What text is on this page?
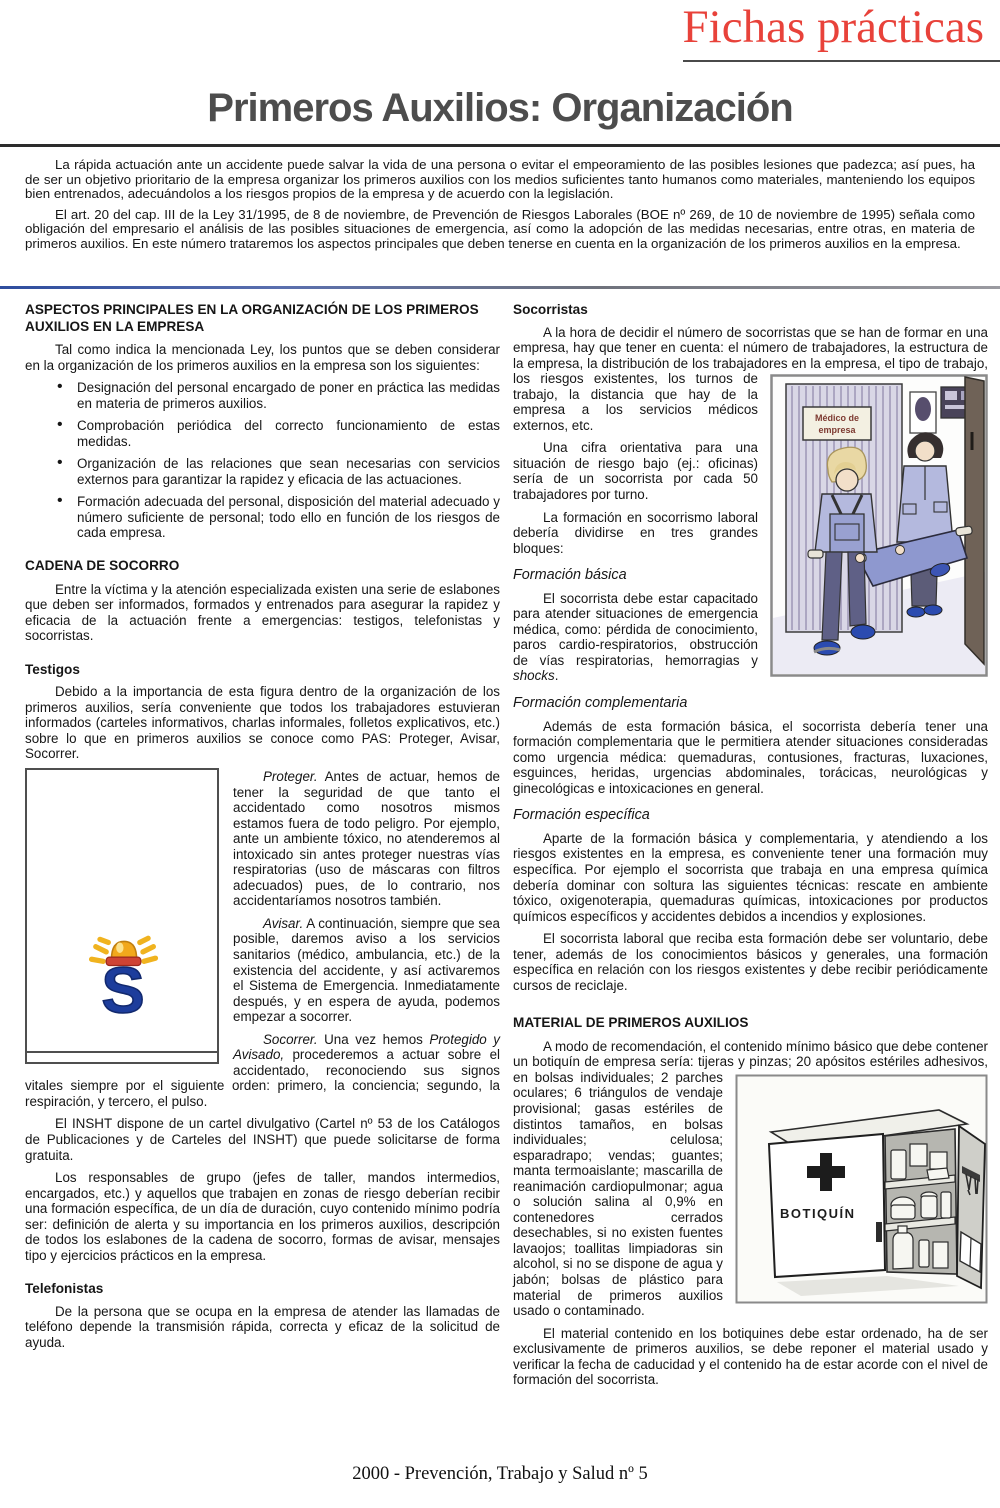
Fichas prácticas
Primeros Auxilios: Organización

La rápida actuación ante un accidente puede salvar la vida de una persona o evitar el empeoramiento de las posibles lesiones que padezca; así pues, ha de ser un objetivo prioritario de la empresa organizar los primeros auxilios con los medios suficientes tanto humanos como materiales, manteniendo los equipos bien entrenados, adecuándolos a los riesgos propios de la empresa y de acuerdo con la legislación.

El art. 20 del cap. III de la Ley 31/1995, de 8 de noviembre, de Prevención de Riesgos Laborales (BOE nº 269, de 10 de noviembre de 1995) señala como obligación del empresario el análisis de las posibles situaciones de emergencia, así como la adopción de las medidas necesarias, entre otras, en materia de primeros auxilios. En este número trataremos los aspectos principales que deben tenerse en cuenta en la organización de los primeros auxilios en la empresa.

ASPECTOS PRINCIPALES EN LA ORGANIZACIÓN DE LOS PRIMEROS AUXILIOS EN LA EMPRESA

Tal como indica la mencionada Ley, los puntos que se deben considerar en la organización de los primeros auxilios en la empresa son los siguientes:

• Designación del personal encargado de poner en práctica las medidas en materia de primeros auxilios.
• Comprobación periódica del correcto funcionamiento de estas medidas.
• Organización de las relaciones que sean necesarias con servicios externos para garantizar la rapidez y eficacia de las actuaciones.
• Formación adecuada del personal, disposición del material adecuado y número suficiente de personal; todo ello en función de los riesgos de cada empresa.
CADENA DE SOCORRO

Entre la víctima y la atención especializada existen una serie de eslabones que deben ser informados, formados y entrenados para asegurar la rapidez y eficacia de la actuación frente a emergencias: testigos, telefonistas y socorristas.

Testigos

Debido a la importancia de esta figura dentro de la organización de los primeros auxilios, sería conveniente que todos los trabajadores estuvieran informados (carteles informativos, charlas informales, folletos explicativos, etc.) sobre lo que en primeros auxilios se conoce como PAS: Proteger, Avisar, Socorrer.

S

Proteger. Antes de actuar, hemos de tener la seguridad de que tanto el accidentado como nosotros mismos estamos fuera de todo peligro. Por ejemplo, ante un ambiente tóxico, no atenderemos al intoxicado sin antes proteger nuestras vías respiratorias (uso de máscaras con filtros adecuados) pues, de lo contrario, nos accidentaríamos nosotros también.

Avisar. A continuación, siempre que sea posible, daremos aviso a los servicios sanitarios (médico, ambulancia, etc.) de la existencia del accidente, y así activaremos el Sistema de Emergencia. Inmediatamente después, y en espera de ayuda, podemos empezar a socorrer.

Socorrer. Una vez hemos Protegido y Avisado, procederemos a actuar sobre el accidentado, reconociendo sus signos vitales siempre por el siguiente orden: primero, la conciencia; segundo, la respiración, y tercero, el pulso.

El INSHT dispone de un cartel divulgativo (Cartel nº 53 de los Catálogos de Publicaciones y de Carteles del INSHT) que puede solicitarse de forma gratuita.

Los responsables de grupo (jefes de taller, mandos intermedios, encargados, etc.) y aquellos que trabajen en zonas de riesgo deberían recibir una formación específica, de un día de duración, cuyo contenido mínimo podría ser: definición de alerta y su importancia en los primeros auxilios, descripción de todos los eslabones de la cadena de socorro, formas de avisar, mensajes tipo y ejercicios prácticos en la empresa.

Telefonistas

De la persona que se ocupa en la empresa de atender las llamadas de teléfono depende la transmisión rápida, correcta y eficaz de la solicitud de ayuda.

Socorristas

A la hora de decidir el número de socorristas que se han de formar en una empresa, hay que tener en cuenta: el número de trabajadores, la estructura de la empresa, la distribución de los trabajadores
Médico de
empresa
en la empresa, el tipo de trabajo, los riesgos existentes, los turnos de trabajo, la distancia que hay de la empresa a los servicios médicos externos, etc.

Una cifra orientativa para una situación de riesgo bajo (ej.: oficinas) sería de un socorrista por cada 50 trabajadores por turno.

La formación en socorrismo laboral debería dividirse en tres grandes bloques:

Formación básica

El socorrista debe estar capacitado para atender situaciones de emergencia médica, como: pérdida de conocimiento, paros cardio-respiratorios, obstrucción de vías respiratorias, hemorragias y shocks.

Formación complementaria

Además de esta formación básica, el socorrista debería tener una formación complementaria que le permitiera atender situaciones consideradas como urgencia médica: quemaduras, contusiones, fracturas, luxaciones, esguinces, heridas, urgencias abdominales, torácicas, neurológicas y ginecológicas e intoxicaciones en general.

Formación específica

Aparte de la formación básica y complementaria, y atendiendo a los riesgos existentes en la empresa, es conveniente tener una formación muy específica. Por ejemplo el socorrista que trabaja en una empresa química debería dominar con soltura las siguientes técnicas: rescate en ambiente tóxico, oxigenoterapia, quemaduras químicas, intoxicaciones por productos químicos específicos y accidentes debidos a incendios y explosiones.

El socorrista laboral que reciba esta formación debe ser voluntario, debe tener, además de los conocimientos básicos y generales, una formación específica en relación con los riesgos existentes y debe recibir periódicamente cursos de reciclaje.

MATERIAL DE PRIMEROS AUXILIOS

A modo de recomendación, el contenido mínimo básico que debe contener un botiquín de empresa sería: tijeras y pinzas; 20 apósitos estériles adhesivos, en bolsas
BOTIQUÍN
individuales; 2 parches oculares; 6 triángulos de vendaje provisional; gasas estériles de distintos tamaños, en bolsas individuales; celulosa; esparadrapo; vendas; guantes; manta termoaislante; mascarilla de reanimación cardiopulmonar; agua o solución salina al 0,9% en contenedores cerrados desechables, si no existen fuentes lavaojos; toallitas limpiadoras sin alcohol, si no se dispone de agua y jabón; bolsas de plástico para material de primeros auxilios usado o contaminado.

El material contenido en los botiquines debe estar ordenado, ha de ser exclusivamente de primeros auxilios, se debe reponer el material usado y verificar la fecha de caducidad y el contenido ha de estar acorde con el nivel de formación del socorrista.

2000 - Prevención, Trabajo y Salud nº 5
